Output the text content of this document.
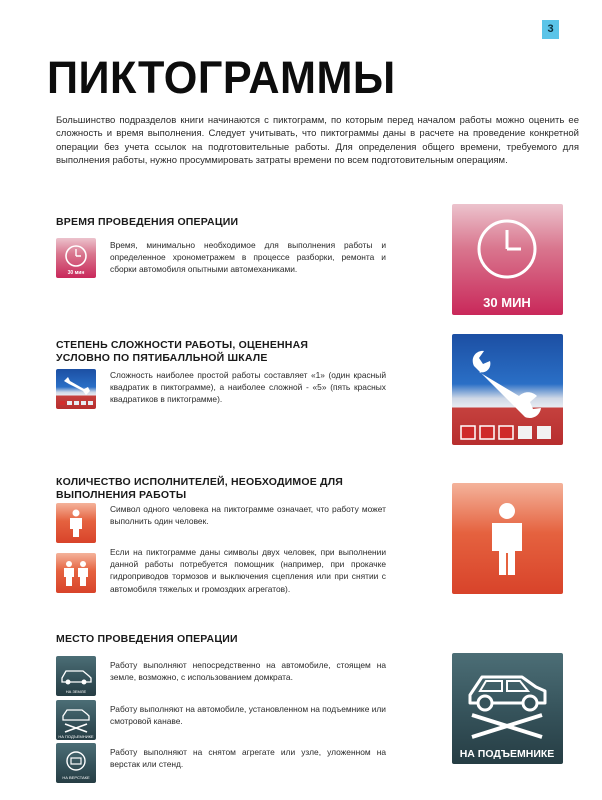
3
ПИКТОГРАММЫ
Большинство подразделов книги начинаются с пиктограмм, по которым перед началом работы можно оценить ее сложность и время выполнения. Следует учитывать, что пиктограммы даны в расчете на проведение конкретной операции без учета ссылок на подготовительные работы. Для определения общего времени, требуемого для выполнения работы, нужно просуммировать затраты времени по всем подготовительным операциям.
ВРЕМЯ ПРОВЕДЕНИЯ ОПЕРАЦИИ
30 мин
Время, минимально необходимое для выполнения работы и определенное хронометражем в процессе разборки, ремонта и сборки автомобиля опытными автомеханиками.
30 МИН
СТЕПЕНЬ СЛОЖНОСТИ РАБОТЫ, ОЦЕНЕННАЯ УСЛОВНО ПО ПЯТИБАЛЛЬНОЙ ШКАЛЕ
Сложность наиболее простой работы составляет «1» (один красный квадратик в пиктограмме), а наиболее сложной - «5» (пять красных квадратиков в пиктограмме).
КОЛИЧЕСТВО ИСПОЛНИТЕЛЕЙ, НЕОБХОДИМОЕ ДЛЯ ВЫПОЛНЕНИЯ РАБОТЫ
Символ одного человека на пиктограмме означает, что работу может выполнить один человек.
Если на пиктограмме даны символы двух человек, при выполнении данной работы потребуется помощник (например, при прокачке гидроприводов тормозов и выключения сцепления или при снятии с автомобиля тяжелых и громоздких агрегатов).
МЕСТО ПРОВЕДЕНИЯ ОПЕРАЦИИ
НА ЗЕМЛЕ
Работу выполняют непосредственно на автомобиле, стоящем на земле, возможно, с использованием домкрата.
НА ПОДЪЕМНИКЕ
Работу выполняют на автомобиле, установленном на подъемнике или смотровой канаве.
НА ВЕРСТАКЕ
Работу выполняют на снятом агрегате или узле, уложенном на верстак или стенд.
НА ПОДЪЕМНИКЕ
